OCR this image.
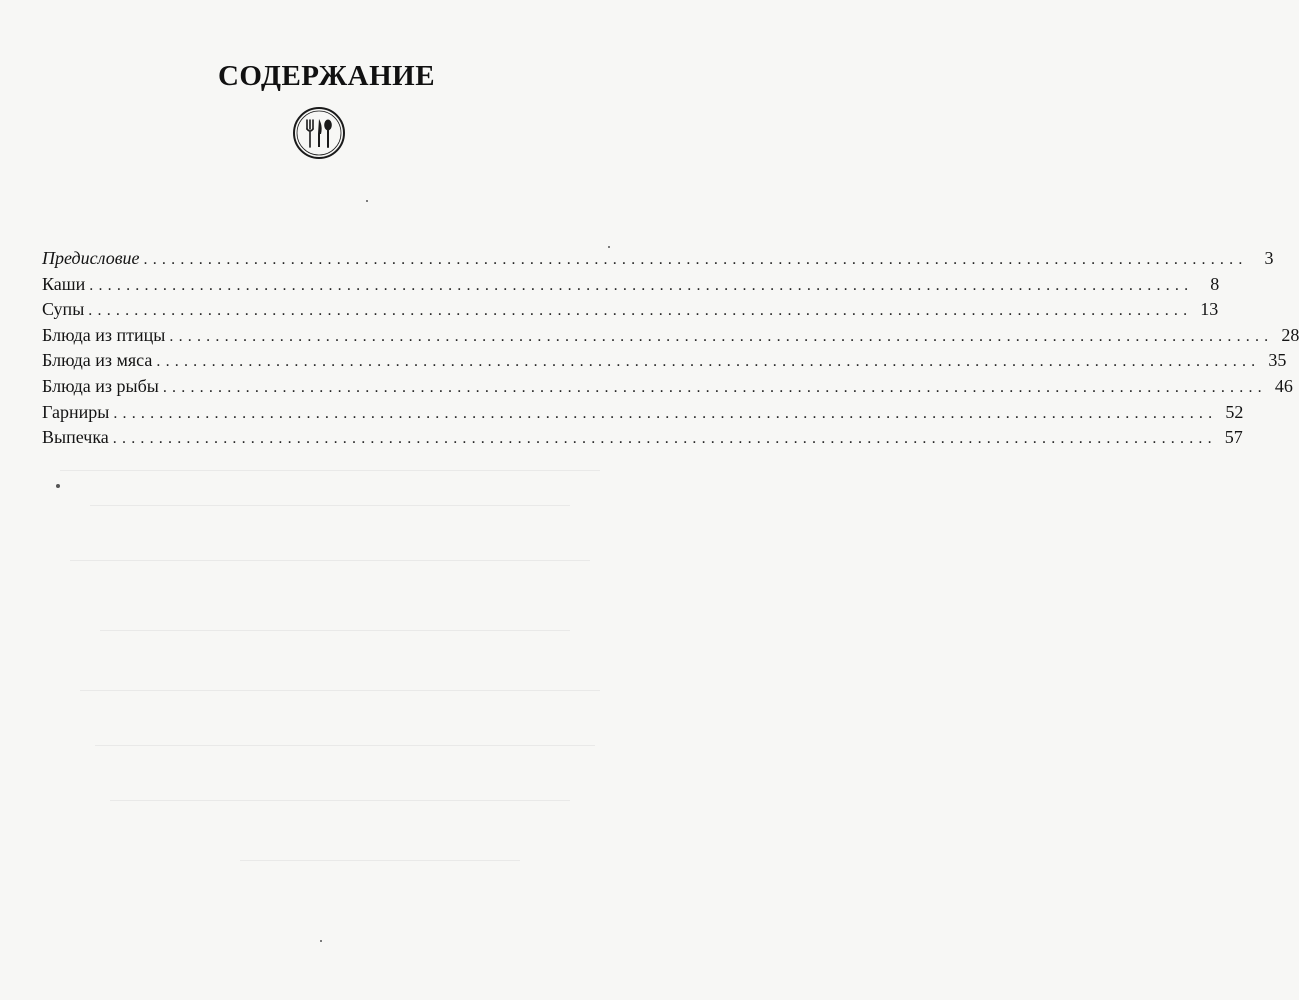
СОДЕРЖАНИЕ
Предисловие ........................................................................................................................ 3
Каши ........................................................................................................................ 8
Супы ........................................................................................................................ 13
Блюда из птицы ........................................................................................................................ 28
Блюда из мяса ........................................................................................................................ 35
Блюда из рыбы ........................................................................................................................ 46
Гарниры ........................................................................................................................ 52
Выпечка ........................................................................................................................ 57
